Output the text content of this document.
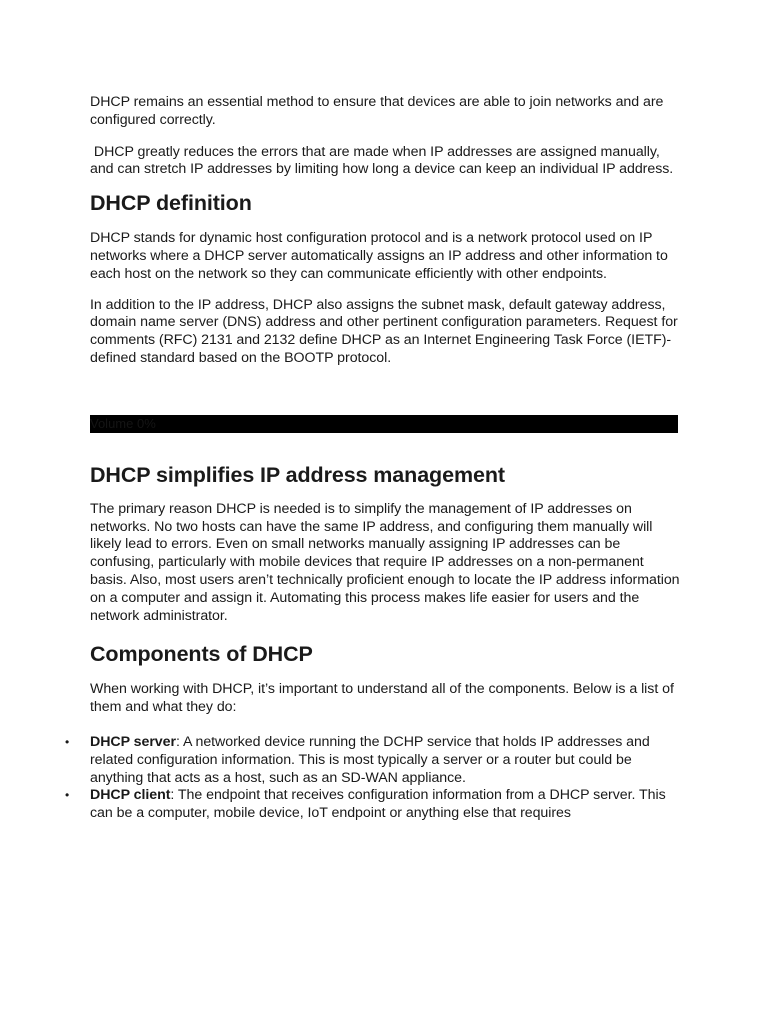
DHCP remains an essential method to ensure that devices are able to join networks and are configured correctly.

DHCP greatly reduces the errors that are made when IP addresses are assigned manually, and can stretch IP addresses by limiting how long a device can keep an individual IP address.

DHCP definition

DHCP stands for dynamic host configuration protocol and is a network protocol used on IP networks where a DHCP server automatically assigns an IP address and other information to each host on the network so they can communicate efficiently with other endpoints.

In addition to the IP address, DHCP also assigns the subnet mask, default gateway address, domain name server (DNS) address and other pertinent configuration parameters. Request for comments (RFC) 2131 and 2132 define DHCP as an Internet Engineering Task Force (IETF)- defined standard based on the BOOTP protocol.

Volume 0%
DHCP simplifies IP address management

The primary reason DHCP is needed is to simplify the management of IP addresses on networks. No two hosts can have the same IP address, and configuring them manually will likely lead to errors. Even on small networks manually assigning IP addresses can be confusing, particularly with mobile devices that require IP addresses on a non-permanent basis. Also, most users aren’t technically proficient enough to locate the IP address information on a computer and assign it. Automating this process makes life easier for users and the network administrator.

Components of DHCP

When working with DHCP, it’s important to understand all of the components. Below is a list of them and what they do:

• DHCP server: A networked device running the DCHP service that holds IP addresses and related configuration information. This is most typically a server or a router but could be anything that acts as a host, such as an SD-WAN appliance.
• DHCP client: The endpoint that receives configuration information from a DHCP server. This can be a computer, mobile device, IoT endpoint or anything else that requires
